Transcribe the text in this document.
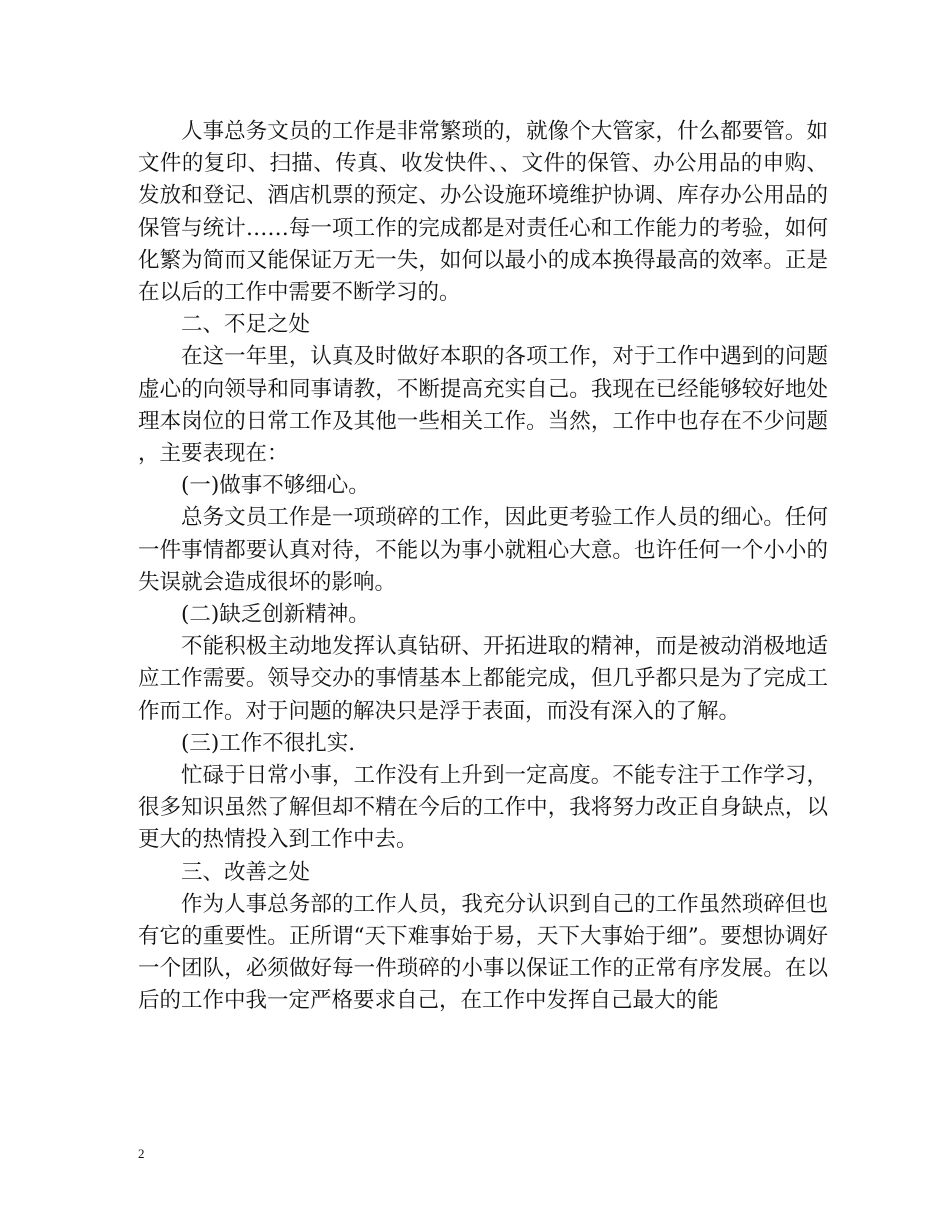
人事总务文员的工作是非常繁琐的，就像个大管家，什么都要管。如文件的复印、扫描、传真、收发快件、、文件的保管、办公用品的申购、发放和登记、酒店机票的预定、办公设施环境维护协调、库存办公用品的保管与统计……每一项工作的完成都是对责任心和工作能力的考验，如何化繁为简而又能保证万无一失，如何以最小的成本换得最高的效率。正是在以后的工作中需要不断学习的。

二、不足之处

在这一年里，认真及时做好本职的各项工作，对于工作中遇到的问题虚心的向领导和同事请教，不断提高充实自己。我现在已经能够较好地处理本岗位的日常工作及其他一些相关工作。当然，工作中也存在不少问题，主要表现在：

(一)做事不够细心。

总务文员工作是一项琐碎的工作，因此更考验工作人员的细心。任何一件事情都要认真对待，不能以为事小就粗心大意。也许任何一个小小的失误就会造成很坏的影响。

(二)缺乏创新精神。

不能积极主动地发挥认真钻研、开拓进取的精神，而是被动消极地适应工作需要。领导交办的事情基本上都能完成，但几乎都只是为了完成工作而工作。对于问题的解决只是浮于表面，而没有深入的了解。

(三)工作不很扎实.

忙碌于日常小事，工作没有上升到一定高度。不能专注于工作学习，很多知识虽然了解但却不精在今后的工作中，我将努力改正自身缺点，以更大的热情投入到工作中去。

三、改善之处

作为人事总务部的工作人员，我充分认识到自己的工作虽然琐碎但也有它的重要性。正所谓“天下难事始于易，天下大事始于细”。要想协调好一个团队，必须做好每一件琐碎的小事以保证工作的正常有序发展。在以后的工作中我一定严格要求自己，在工作中发挥自己最大的能

2
